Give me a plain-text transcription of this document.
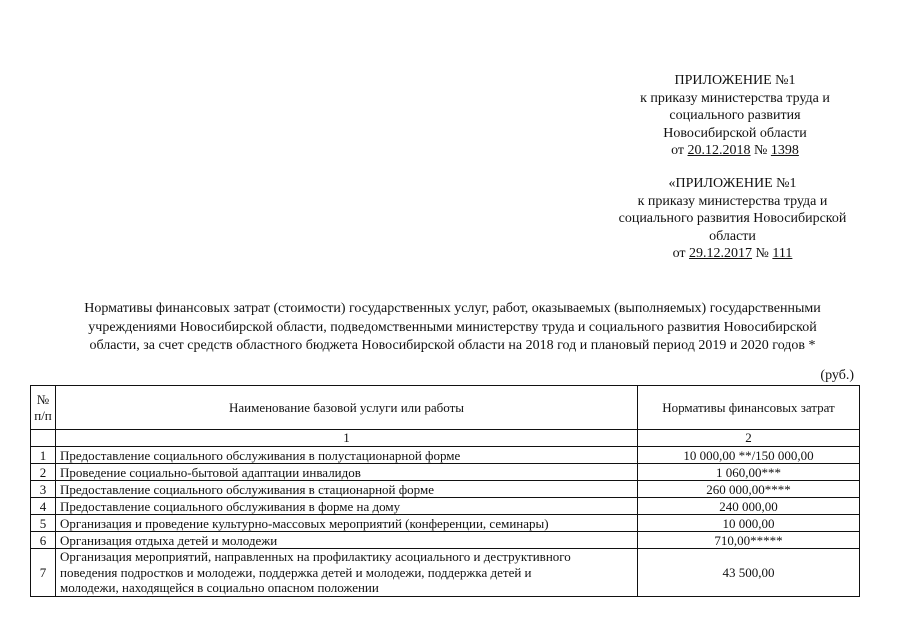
ПРИЛОЖЕНИЕ №1
к приказу министерства труда и
социального развития
Новосибирской области
от 20.12.2018 № 1398
«ПРИЛОЖЕНИЕ №1
к приказу министерства труда и
социального развития Новосибирской
области
от 29.12.2017 № 111
Нормативы финансовых затрат (стоимости) государственных услуг, работ, оказываемых (выполняемых) государственными
учреждениями Новосибирской области, подведомственными министерству труда и социального развития Новосибирской
области, за счет средств областного бюджета Новосибирской области на 2018 год и плановый период 2019 и 2020 годов *
(руб.)
№
п/п	Наименование базовой услуги или работы	Нормативы финансовых затрат
	1	2
1	Предоставление социального обслуживания в полустационарной форме	10 000,00 **/150 000,00
2	Проведение социально-бытовой адаптации инвалидов	1 060,00***
3	Предоставление социального обслуживания в стационарной форме	260 000,00****
4	Предоставление социального обслуживания в форме на дому	240 000,00
5	Организация и проведение культурно-массовых мероприятий (конференции, семинары)	10 000,00
6	Организация отдыха детей и молодежи	710,00*****
7	Организация мероприятий, направленных на профилактику асоциального и деструктивного
поведения подростков и молодежи, поддержка детей и молодежи, поддержка детей и
молодежи, находящейся в социально опасном положении	43 500,00
